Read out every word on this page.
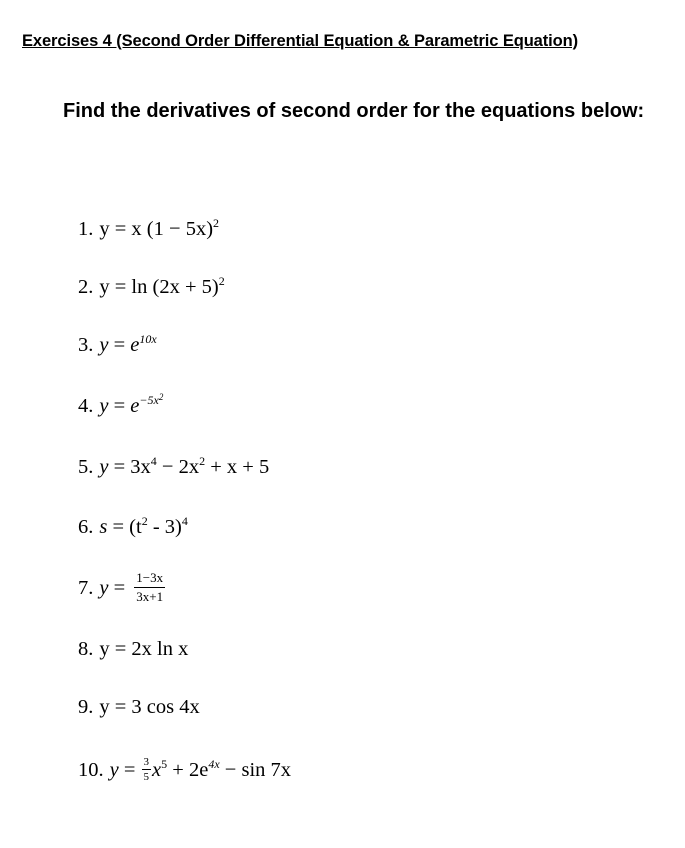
Exercises 4 (Second Order Differential Equation & Parametric Equation)
Find the derivatives of second order for the equations below:
1. y = x $(1 - 5x)^2$
2. $y = \ln (2x + 5)^2$
3. $y = e^{10x}$
4. $y = e^{-5x^2}$
5. $y = 3x^4 - 2x^2 + x + 5$
6. $s = (t^2 - 3)^4$
7. $y = \frac{1-3x}{3x+1}$
8. y = 2x ln x
9. y = 3 cos 4x
10. $y = \frac{3}{5} x^5 + 2e^{4x} - \sin 7x$
